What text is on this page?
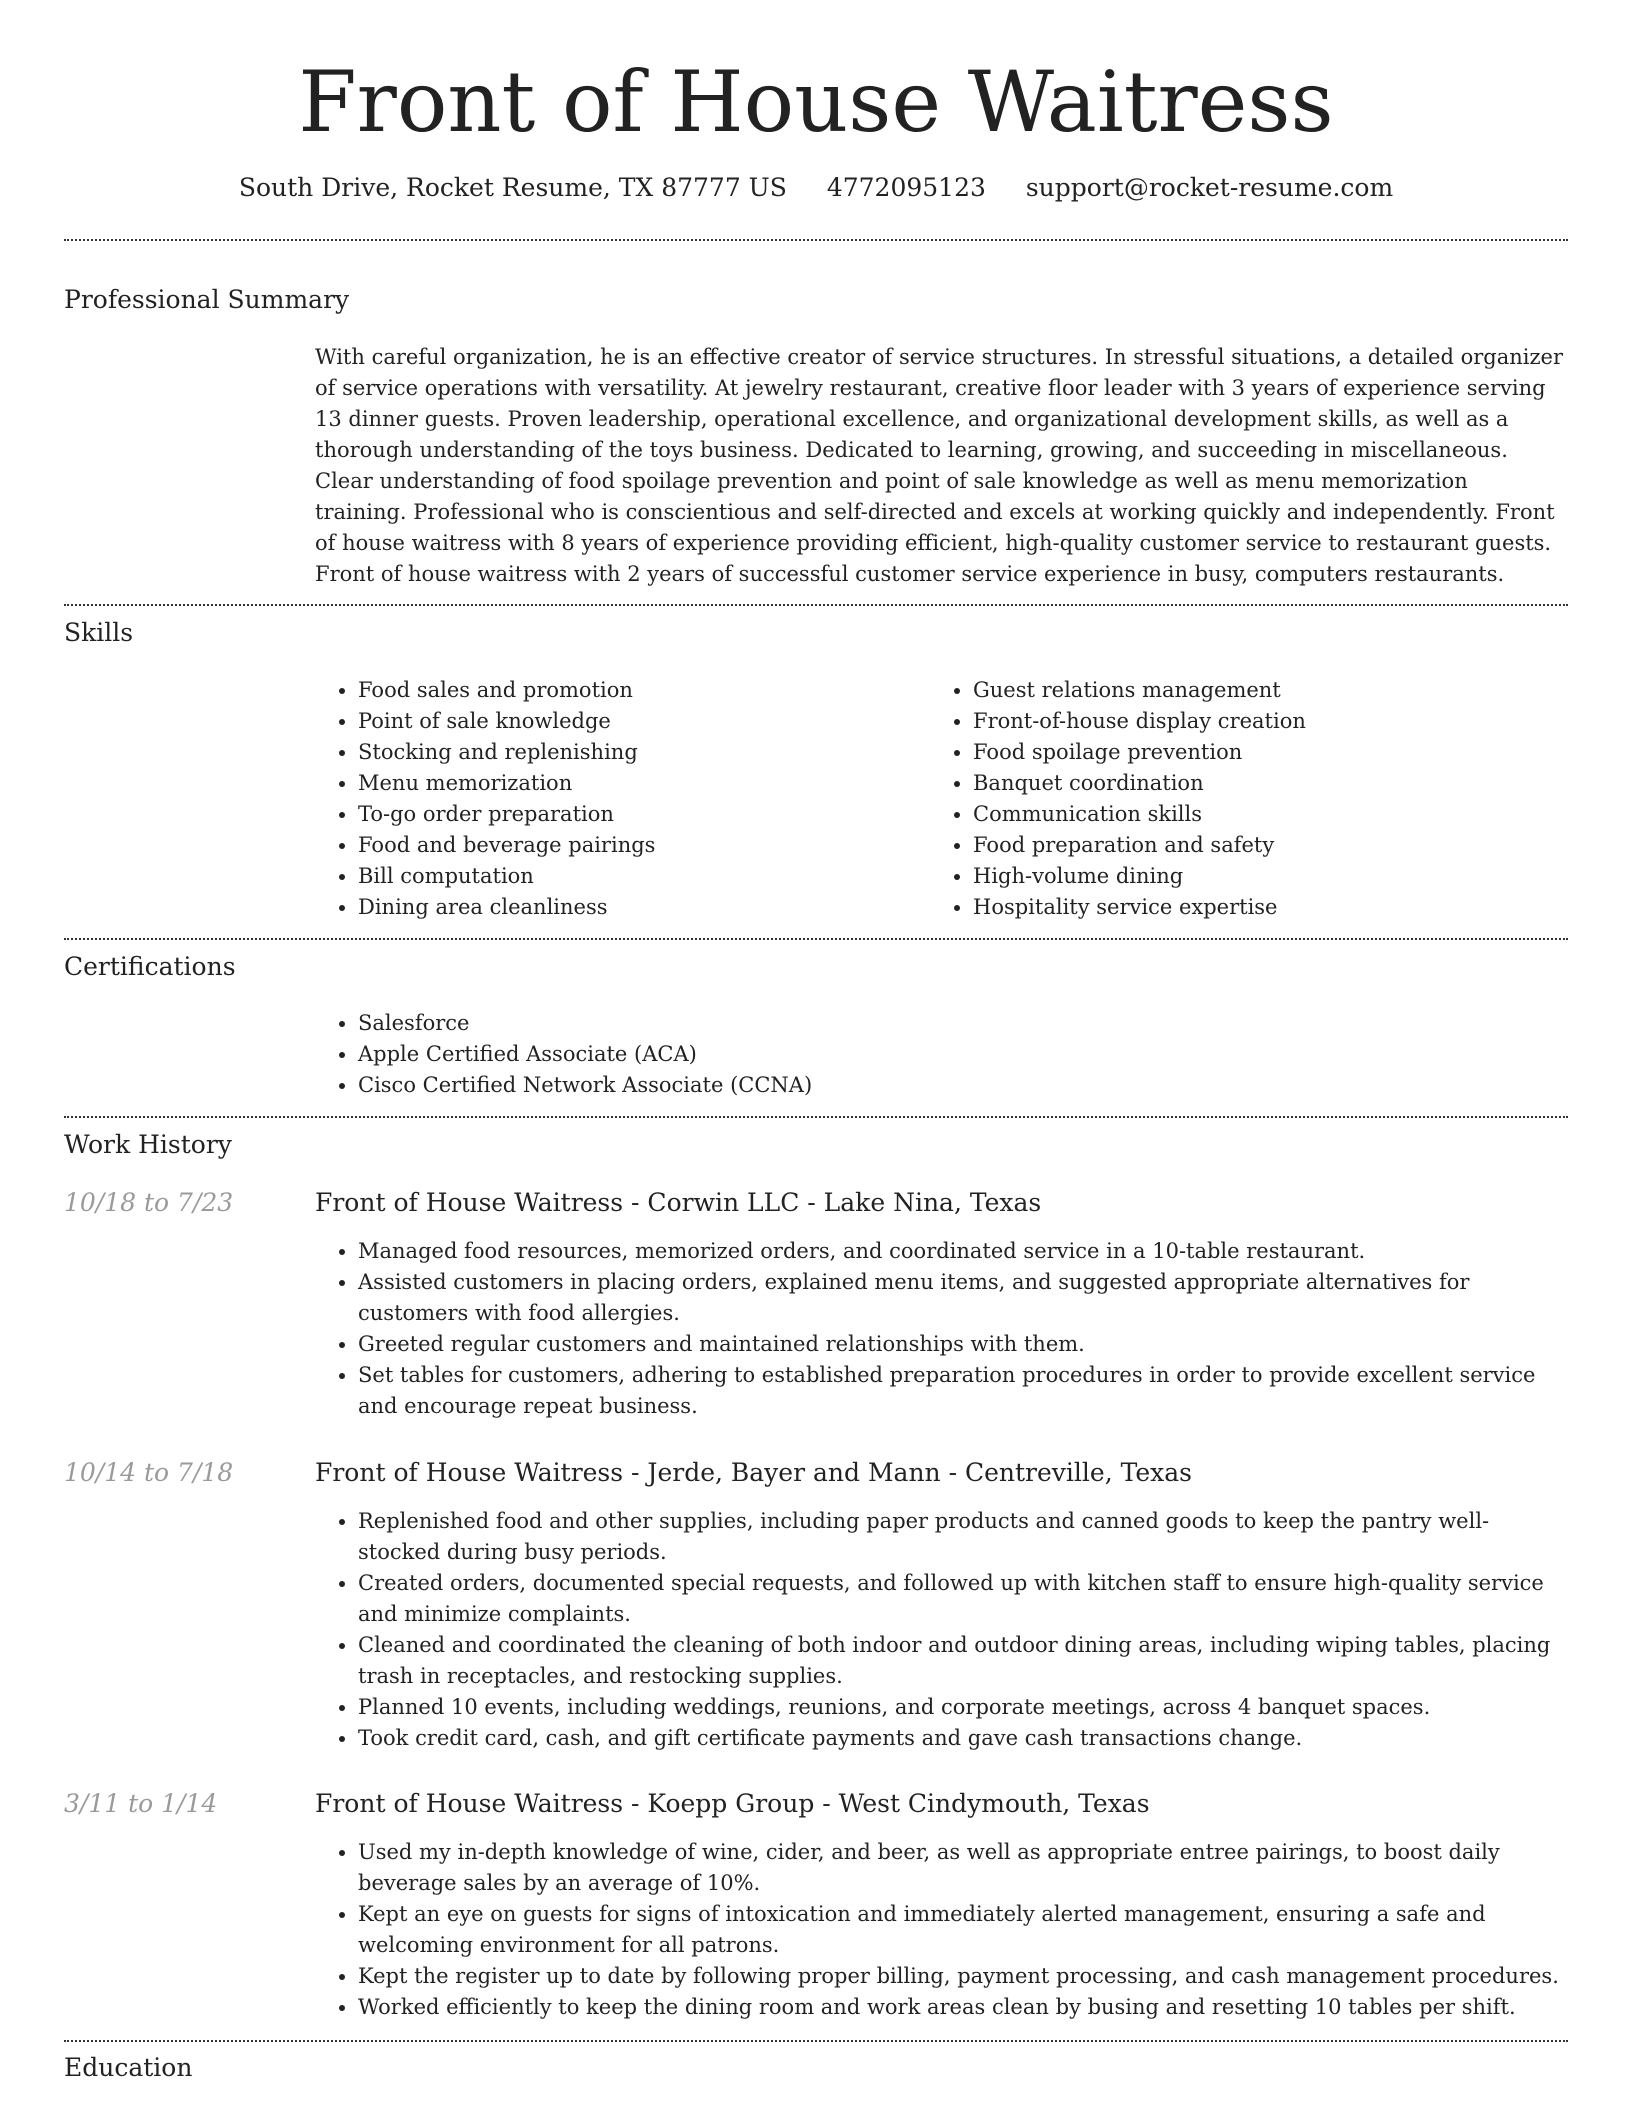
Front of House Waitress
South Drive, Rocket Resume, TX 87777 US 4772095123 support@rocket-resume.com
Professional Summary

With careful organization, he is an effective creator of service structures. In stressful situations, a detailed organizer of service operations with versatility. At jewelry restaurant, creative floor leader with 3 years of experience serving 13 dinner guests. Proven leadership, operational excellence, and organizational development skills, as well as a thorough understanding of the toys business. Dedicated to learning, growing, and succeeding in miscellaneous. Clear understanding of food spoilage prevention and point of sale knowledge as well as menu memorization training. Professional who is conscientious and self-directed and excels at working quickly and independently. Front of house waitress with 8 years of experience providing efficient, high-quality customer service to restaurant guests. Front of house waitress with 2 years of successful customer service experience in busy, computers restaurants.

Skills
• Food sales and promotion
• Point of sale knowledge
• Stocking and replenishing
• Menu memorization
• To-go order preparation
• Food and beverage pairings
• Bill computation
• Dining area cleanliness
• Guest relations management
• Front-of-house display creation
• Food spoilage prevention
• Banquet coordination
• Communication skills
• Food preparation and safety
• High-volume dining
• Hospitality service expertise
Certifications
• Salesforce
• Apple Certified Associate (ACA)
• Cisco Certified Network Associate (CCNA)
Work History
10/18 to 7/23	Front of House Waitress - Corwin LLC - Lake Nina, Texas
• Managed food resources, memorized orders, and coordinated service in a 10-table restaurant.
• Assisted customers in placing orders, explained menu items, and suggested appropriate alternatives for customers with food allergies.
• Greeted regular customers and maintained relationships with them.
• Set tables for customers, adhering to established preparation procedures in order to provide excellent service and encourage repeat business.
10/14 to 7/18	Front of House Waitress - Jerde, Bayer and Mann - Centreville, Texas
• Replenished food and other supplies, including paper products and canned goods to keep the pantry well-stocked during busy periods.
• Created orders, documented special requests, and followed up with kitchen staff to ensure high-quality service and minimize complaints.
• Cleaned and coordinated the cleaning of both indoor and outdoor dining areas, including wiping tables, placing trash in receptacles, and restocking supplies.
• Planned 10 events, including weddings, reunions, and corporate meetings, across 4 banquet spaces.
• Took credit card, cash, and gift certificate payments and gave cash transactions change.
3/11 to 1/14	Front of House Waitress - Koepp Group - West Cindymouth, Texas
• Used my in-depth knowledge of wine, cider, and beer, as well as appropriate entree pairings, to boost daily beverage sales by an average of 10%.
• Kept an eye on guests for signs of intoxication and immediately alerted management, ensuring a safe and welcoming environment for all patrons.
• Kept the register up to date by following proper billing, payment processing, and cash management procedures.
• Worked efficiently to keep the dining room and work areas clean by busing and resetting 10 tables per shift.
Education
